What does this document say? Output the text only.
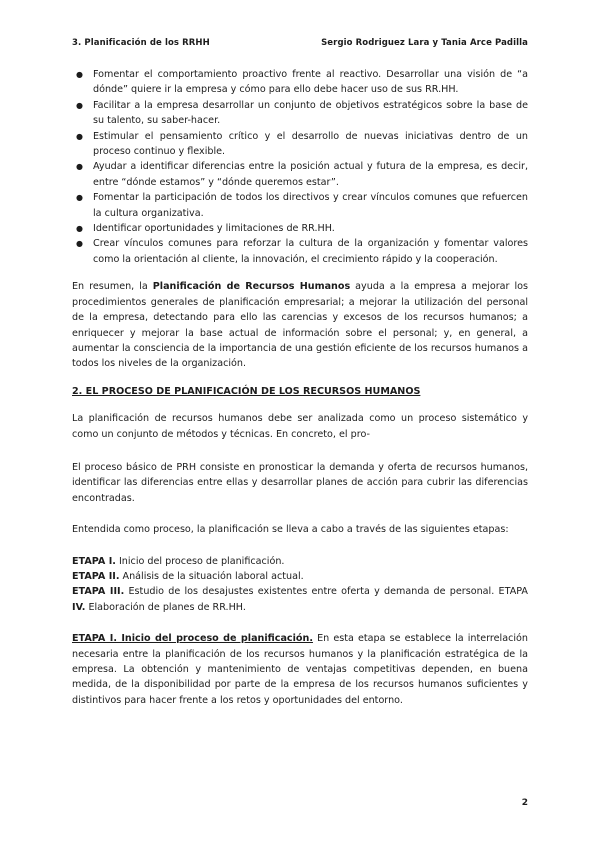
3. Planificación de los RRHH	Sergio Rodriguez Lara y Tania Arce Padilla
● Fomentar el comportamiento proactivo frente al reactivo. Desarrollar una visión de “a dónde” quiere ir la empresa y cómo para ello debe hacer uso de sus RR.HH.
● Facilitar a la empresa desarrollar un conjunto de objetivos estratégicos sobre la base de su talento, su saber-hacer.
● Estimular el pensamiento crítico y el desarrollo de nuevas iniciativas dentro de un proceso continuo y flexible.
● Ayudar a identificar diferencias entre la posición actual y futura de la empresa, es decir, entre “dónde estamos” y “dónde queremos estar”.
● Fomentar la participación de todos los directivos y crear vínculos comunes que refuercen la cultura organizativa.
● Identificar oportunidades y limitaciones de RR.HH.
● Crear vínculos comunes para reforzar la cultura de la organización y fomentar valores como la orientación al cliente, la innovación, el crecimiento rápido y la cooperación.

En resumen, la Planificación de Recursos Humanos ayuda a la empresa a mejorar los procedimientos generales de planificación empresarial; a mejorar la utilización del personal de la empresa, detectando para ello las carencias y excesos de los recursos humanos; a enriquecer y mejorar la base actual de información sobre el personal; y, en general, a aumentar la consciencia de la importancia de una gestión eficiente de los recursos humanos a todos los niveles de la organización.

2. EL PROCESO DE PLANIFICACIÓN DE LOS RECURSOS HUMANOS

La planificación de recursos humanos debe ser analizada como un proceso sistemático y como un conjunto de métodos y técnicas. En concreto, el pro-

El proceso básico de PRH consiste en pronosticar la demanda y oferta de recursos humanos, identificar las diferencias entre ellas y desarrollar planes de acción para cubrir las diferencias encontradas.

Entendida como proceso, la planificación se lleva a cabo a través de las siguientes etapas:

ETAPA I. Inicio del proceso de planificación.
ETAPA II. Análisis de la situación laboral actual.
ETAPA III. Estudio de los desajustes existentes entre oferta y demanda de personal. ETAPA IV. Elaboración de planes de RR.HH.

ETAPA I. Inicio del proceso de planificación. En esta etapa se establece la interrelación necesaria entre la planificación de los recursos humanos y la planificación estratégica de la empresa. La obtención y mantenimiento de ventajas competitivas dependen, en buena medida, de la disponibilidad por parte de la empresa de los recursos humanos suficientes y distintivos para hacer frente a los retos y oportunidades del entorno.

2
